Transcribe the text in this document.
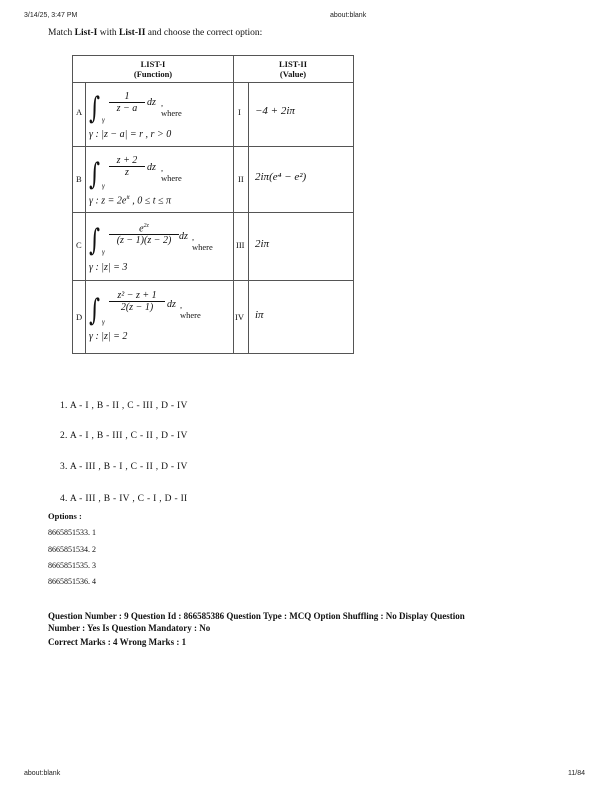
3/14/25, 3:47 PM	about:blank
Match List-I with List-II and choose the correct option:
LIST-I
(Function)
LIST-II
(Value)
A ∫ γ
$\frac{1}{z - a}$ dz , where
γ : |z − a| = r , r > 0
I −4 + 2iπ
B ∫ γ
$\frac{z + 2}{z}$ dz , where
γ : $z = 2e^{it}$ , 0 ≤ t ≤ π
II 2iπ(e⁴ − e²)
C ∫ γ
$\frac{e^{2z}}{(z - 1)(z - 2)}$ dz , where
γ : |z| = 3
III 2iπ
D ∫ γ
$\frac{\text{z² − z + 1}}{2(z - 1)}$ dz , where
γ : |z| = 2
IV iπ
1. A - I , B - II , C - III , D - IV
2. A - I , B - III , C - II , D - IV
3. A - III , B - I , C - II , D - IV
4. A - III , B - IV , C - I , D - II
Options :
8665851533. 1
8665851534. 2
8665851535. 3
8665851536. 4
Question Number : 9 Question Id : 866585386 Question Type : MCQ Option Shuffling : No Display Question
Number : Yes Is Question Mandatory : No
Correct Marks : 4 Wrong Marks : 1
about:blank	11/84
